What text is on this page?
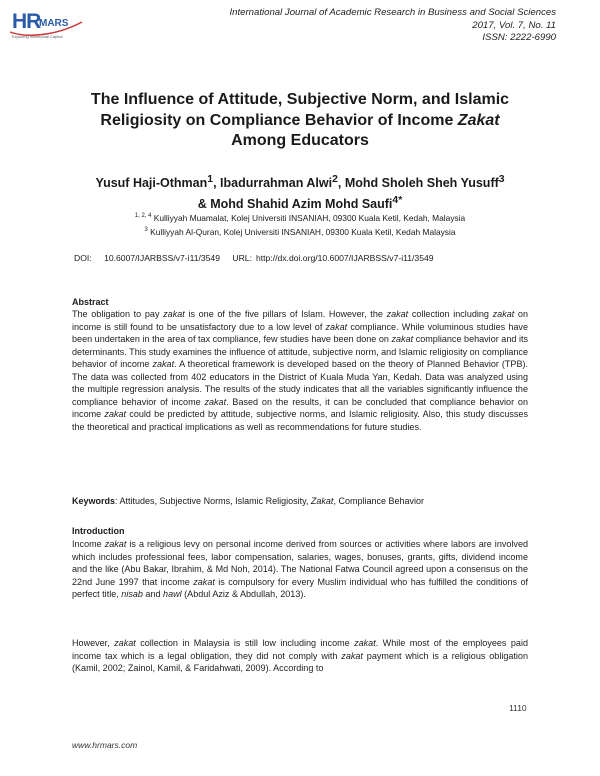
HR
MARS
Exploring Intellectual Capital
International Journal of Academic Research in Business and Social Sciences
2017, Vol. 7, No. 11
ISSN: 2222-6990
The Influence of Attitude, Subjective Norm, and Islamic
Religiosity on Compliance Behavior of Income Zakat
Among Educators
Yusuf Haji-Othman$^1$, Ibadurrahman Alwi$^2$, Mohd Sholeh Sheh Yusuff$^3$
& Mohd Shahid Azim Mohd Saufi$^{4*}$
$^{1, 2, 4}$ Kulliyyah Muamalat, Kolej Universiti INSANIAH, 09300 Kuala Ketil, Kedah, Malaysia
$^3$ Kulliyyah Al-Quran, Kolej Universiti INSANIAH, 09300 Kuala Ketil, Kedah Malaysia
DOI: 10.6007/IJARBSS/v7-i11/3549 URL: http://dx.doi.org/10.6007/IJARBSS/v7-i11/3549
Abstract
The obligation to pay zakat is one of the five pillars of Islam. However, the zakat collection including zakat on income is still found to be unsatisfactory due to a low level of zakat compliance. While voluminous studies have been undertaken in the area of tax compliance, few studies have been done on zakat compliance behavior and its determinants. This study examines the influence of attitude, subjective norm, and Islamic religiosity on compliance behavior of income zakat. A theoretical framework is developed based on the theory of Planned Behavior (TPB). The data was collected from 402 educators in the District of Kuala Muda Yan, Kedah. Data was analyzed using the multiple regression analysis. The results of the study indicates that all the variables significantly influence the compliance behavior of income zakat. Based on the results, it can be concluded that compliance behavior on income zakat could be predicted by attitude, subjective norms, and Islamic religiosity. Also, this study discusses the theoretical and practical implications as well as recommendations for future studies.
Keywords: Attitudes, Subjective Norms, Islamic Religiosity, Zakat, Compliance Behavior
Introduction
Income zakat is a religious levy on personal income derived from sources or activities where labors are involved which includes professional fees, labor compensation, salaries, wages, bonuses, grants, gifts, dividend income and the like (Abu Bakar, Ibrahim, & Md Noh, 2014). The National Fatwa Council agreed upon a consensus on the 22nd June 1997 that income zakat is compulsory for every Muslim individual who has fulfilled the conditions of perfect title, nisab and hawl (Abdul Aziz & Abdullah, 2013).
However, zakat collection in Malaysia is still low including income zakat. While most of the employees paid income tax which is a legal obligation, they did not comply with zakat payment which is a religious obligation (Kamil, 2002; Zainol, Kamil, & Faridahwati, 2009). According to
1110
www.hrmars.com
